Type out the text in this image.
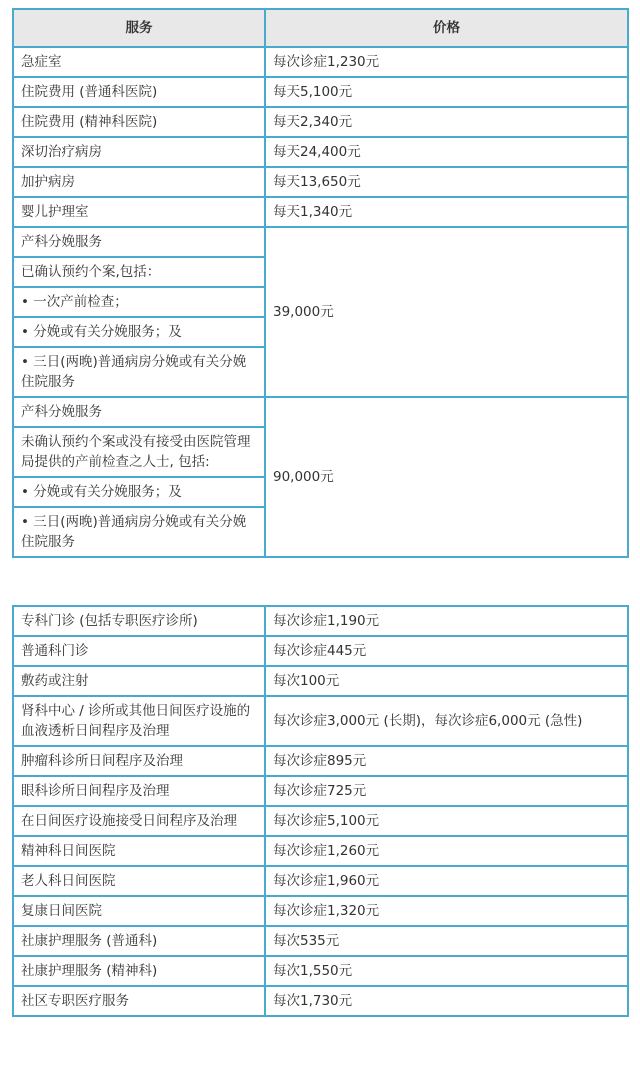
服务	价格
急症室	每次诊症1,230元
住院费用 (普通科医院)	每天5,100元
住院费用 (精神科医院)	每天2,340元
深切治疗病房	每天24,400元
加护病房	每天13,650元
婴儿护理室	每天1,340元
产科分娩服务	39,000元
已确认预约个案,包括：	
• 一次产前检查；	
• 分娩或有关分娩服务；及	
• 三日(两晚)普通病房分娩或有关分娩住院服务	
产科分娩服务	90,000元
未确认预约个案或没有接受由医院管理局提供的产前检查之人士, 包括:	
• 分娩或有关分娩服务；及	
• 三日(两晚)普通病房分娩或有关分娩住院服务	
专科门诊 (包括专职医疗诊所)	每次诊症1,190元
普通科门诊	每次诊症445元
敷药或注射	每次100元
肾科中心 / 诊所或其他日间医疗设施的血液透析日间程序及治理	每次诊症3,000元 (长期)，每次诊症6,000元 (急性)
肿瘤科诊所日间程序及治理	每次诊症895元
眼科诊所日间程序及治理	每次诊症725元
在日间医疗设施接受日间程序及治理	每次诊症5,100元
精神科日间医院	每次诊症1,260元
老人科日间医院	每次诊症1,960元
复康日间医院	每次诊症1,320元
社康护理服务 (普通科)	每次535元
社康护理服务 (精神科)	每次1,550元
社区专职医疗服务	每次1,730元
